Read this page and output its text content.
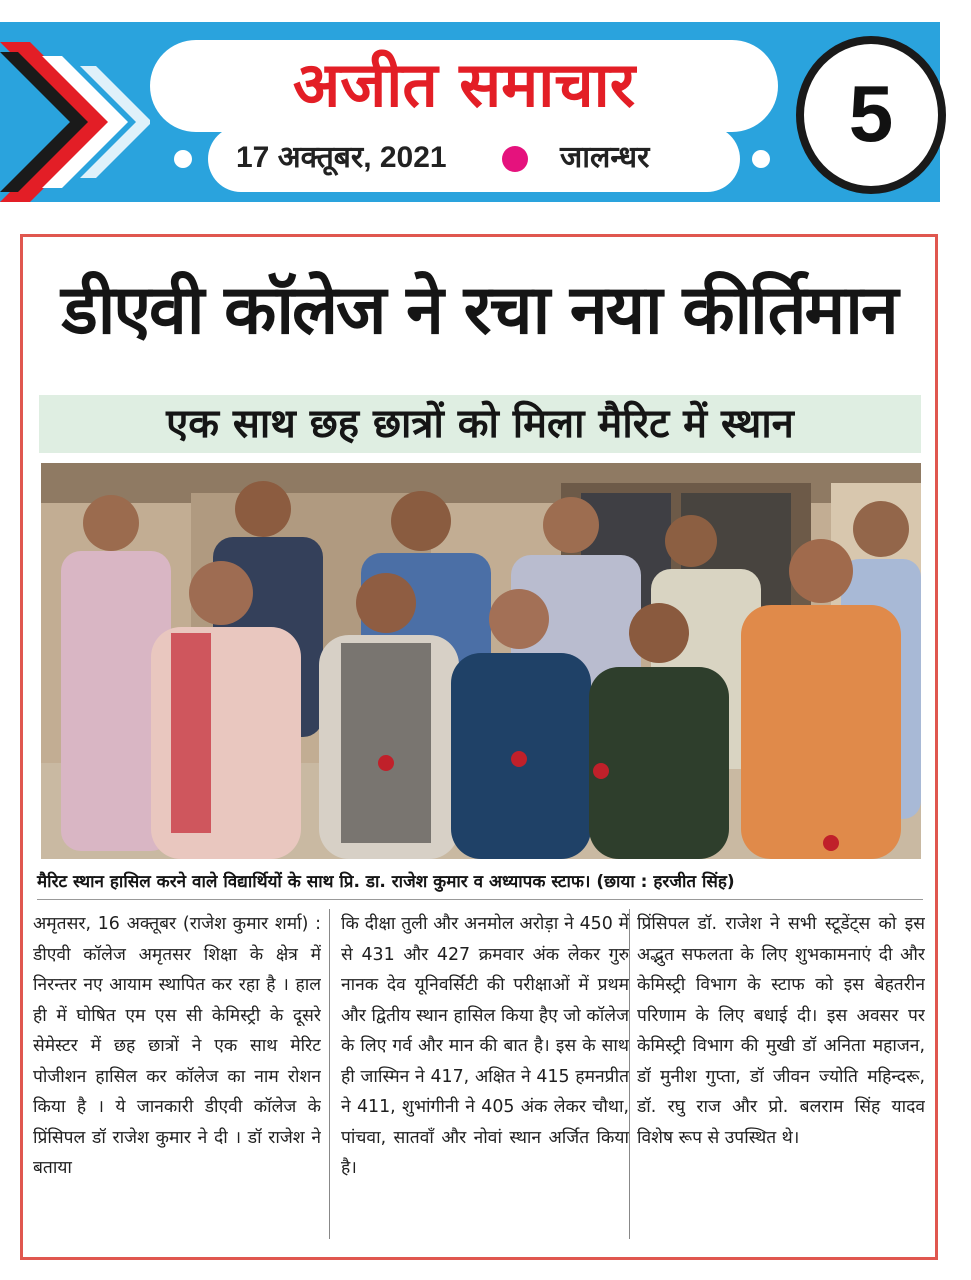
अजीत समाचार
17 अक्तूबर, 2021	जालन्धर	5
डीएवी कॉलेज ने रचा नया कीर्तिमान
एक साथ छह छात्रों को मिला मैरिट में स्थान
मैरिट स्थान हासिल करने वाले विद्यार्थियों के साथ प्रि. डा. राजेश कुमार व अध्यापक स्टाफ। (छाया : हरजीत सिंह)
अमृतसर, 16 अक्तूबर (राजेश कुमार शर्मा) : डीएवी कॉलेज अमृतसर शिक्षा के क्षेत्र में निरन्तर नए आयाम स्थापित कर रहा है । हाल ही में घोषित एम एस सी केमिस्ट्री के दूसरे सेमेस्टर में छह छात्रों ने एक साथ मेरिट पोजीशन हासिल कर कॉलेज का नाम रोशन किया है । ये जानकारी डीएवी कॉलेज के प्रिंसिपल डॉ राजेश कुमार ने दी । डॉ राजेश ने बताया
कि दीक्षा तुली और अनमोल अरोड़ा ने 450 में से 431 और 427 क्रमवार अंक लेकर गुरु नानक देव यूनिवर्सिटी की परीक्षाओं में प्रथम और द्वितीय स्थान हासिल किया हैए जो कॉलेज के लिए गर्व और मान की बात है। इस के साथ ही जास्मिन ने 417, अक्षित ने 415 हमनप्रीत ने 411, शुभांगीनी ने 405 अंक लेकर चौथा, पांचवा, सातवाँ और नोवां स्थान अर्जित किया है।
प्रिंसिपल डॉ. राजेश ने सभी स्टूडेंट्स को इस अद्भुत सफलता के लिए शुभकामनाएं दी और केमिस्ट्री विभाग के स्टाफ को इस बेहतरीन परिणाम के लिए बधाई दी। इस अवसर पर केमिस्ट्री विभाग की मुखी डॉ अनिता महाजन, डॉ मुनीश गुप्ता, डॉ जीवन ज्योति महिन्दरू, डॉ. रघु राज और प्रो. बलराम सिंह यादव विशेष रूप से उपस्थित थे।
